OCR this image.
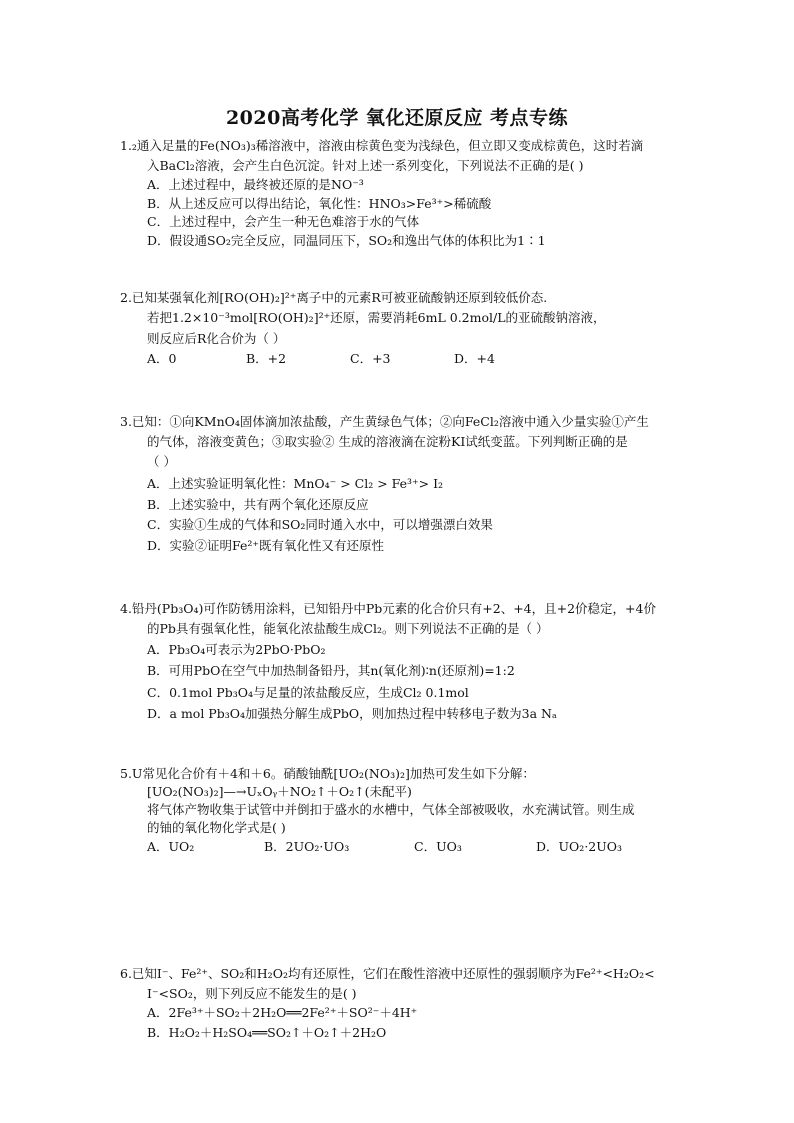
2020高考化学 氧化还原反应 考点专练
1.₂通入足量的Fe(NO₃)₃稀溶液中，溶液由棕黄色变为浅绿色，但立即又变成棕黄色，这时若滴
入BaCl₂溶液，会产生白色沉淀。针对上述一系列变化，下列说法不正确的是( )
A．上述过程中，最终被还原的是NO⁻³
B．从上述反应可以得出结论，氧化性：HNO₃>Fe³⁺>稀硫酸
C．上述过程中，会产生一种无色难溶于水的气体
D．假设通SO₂完全反应，同温同压下，SO₂和逸出气体的体积比为1∶1
2.已知某强氧化剂[RO(OH)₂]²⁺离子中的元素R可被亚硫酸钠还原到较低价态.
若把1.2×10⁻³mol[RO(OH)₂]²⁺还原，需要消耗6mL 0.2mol/L的亚硫酸钠溶液，
则反应后R化合价为（ ）
A．0	B．+2	C．+3	D．+4
3.已知：①向KMnO₄固体滴加浓盐酸，产生黄绿色气体；②向FeCl₂溶液中通入少量实验①产生
的气体，溶液变黄色；③取实验② 生成的溶液滴在淀粉KI试纸变蓝。下列判断正确的是
（ ）
A．上述实验证明氧化性：MnO₄⁻ > Cl₂ > Fe³⁺> I₂
B．上述实验中，共有两个氧化还原反应
C．实验①生成的气体和SO₂同时通入水中，可以增强漂白效果
D．实验②证明Fe²⁺既有氧化性又有还原性
4.铅丹(Pb₃O₄)可作防锈用涂料，已知铅丹中Pb元素的化合价只有+2、+4，且+2价稳定，+4价
的Pb具有强氧化性，能氧化浓盐酸生成Cl₂。则下列说法不正确的是（ ）
A．Pb₃O₄可表示为2PbO·PbO₂
B．可用PbO在空气中加热制备铅丹，其n(氧化剂)∶n(还原剂)=1:2
C．0.1mol Pb₃O₄与足量的浓盐酸反应，生成Cl₂ 0.1mol
D．a mol Pb₃O₄加强热分解生成PbO，则加热过程中转移电子数为3a Nₐ
5.U常见化合价有＋4和＋6。硝酸铀酰[UO₂(NO₃)₂]加热可发生如下分解：
[UO₂(NO₃)₂]—→UₓOᵧ＋NO₂↑＋O₂↑(未配平)
将气体产物收集于试管中并倒扣于盛水的水槽中，气体全部被吸收，水充满试管。则生成
的铀的氧化物化学式是( )
A．UO₂	B．2UO₂·UO₃	C．UO₃	D．UO₂·2UO₃
6.已知I⁻、Fe²⁺、SO₂和H₂O₂均有还原性，它们在酸性溶液中还原性的强弱顺序为Fe²⁺<H₂O₂<
I⁻<SO₂，则下列反应不能发生的是( )
A．2Fe³⁺＋SO₂＋2H₂O══2Fe²⁺＋SO²⁻＋4H⁺
B．H₂O₂＋H₂SO₄══SO₂↑＋O₂↑＋2H₂O
